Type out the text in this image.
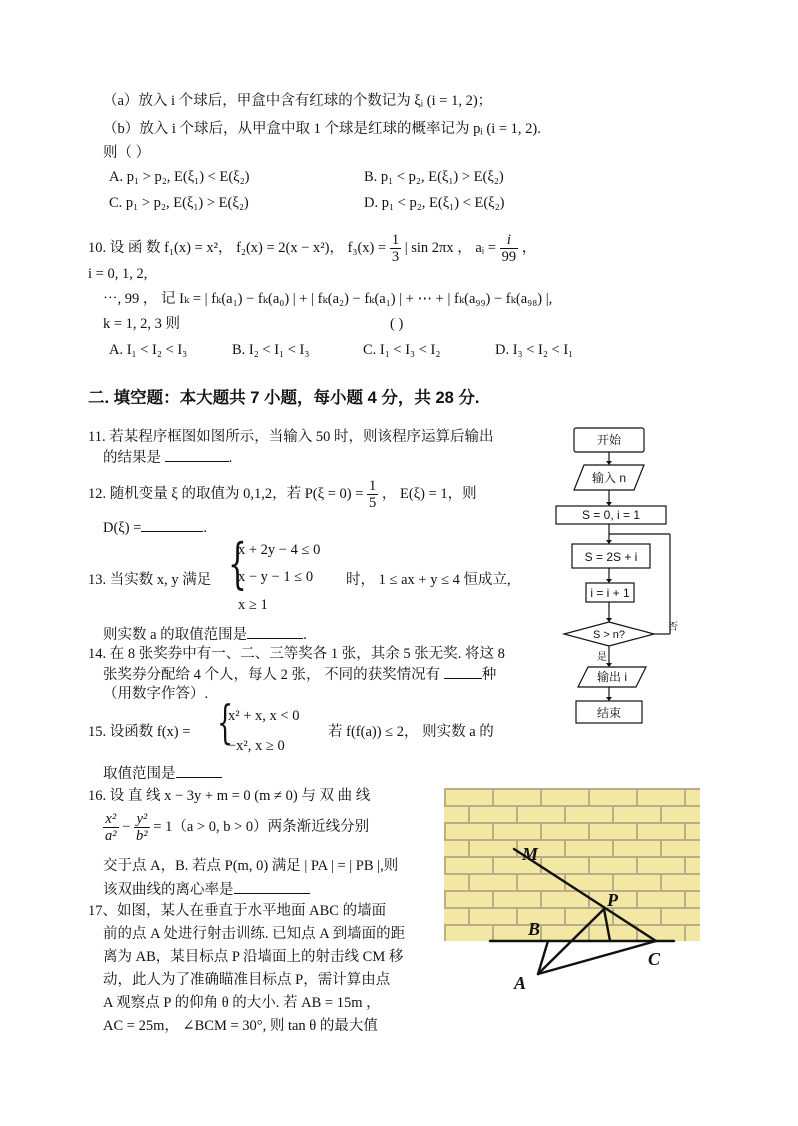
（a）放入 i 个球后，甲盒中含有红球的个数记为 ξᵢ (i = 1, 2)；
（b）放入 i 个球后，从甲盒中取 1 个球是红球的概率记为 pᵢ (i = 1, 2).
则（ ）
A. p₁ > p₂, E(ξ₁) < E(ξ₂)	B. p₁ < p₂, E(ξ₁) > E(ξ₂)
C. p₁ > p₂, E(ξ₁) > E(ξ₂)	D. p₁ < p₂, E(ξ₁) < E(ξ₂)
10. 设 函 数 f₁(x) = x²， f₂(x) = 2(x − x²)， $f_3(x) = \frac{1}{3}$ | sin 2πx ， aᵢ = $\frac{i}{99}$ ，
i = 0, 1, 2,
⋯, 99 ， 记 Iₖ = | fₖ(a₁) − fₖ(a₀) | + | fₖ(a₂) − fₖ(a₁) | + ⋯ + | fₖ(a₉₉) − fₖ(a₉₈) |,
k = 1, 2, 3 则	( )
A. I₁ < I₂ < I₃	B. I₂ < I₁ < I₃	C. I₁ < I₃ < I₂	D. I₃ < I₂ < I₁
二. 填空题：本大题共 7 小题，每小题 4 分，共 28 分.
11. 若某程序框图如图所示，当输入 50 时，则该程序运算后输出
的结果是	.
12. 随机变量 ξ 的取值为 0,1,2，若 $P(\xi = 0) = \frac{1}{5}$ ， E(ξ) = 1，则
D(ξ) =	.
13. 当实数 x, y 满足 {
x + 2y − 4 ≤ 0
x − y − 1 ≤ 0
x ≥ 1
时， 1 ≤ ax + y ≤ 4 恒成立,
则实数 a 的取值范围是	.
14. 在 8 张奖券中有一、二、三等奖各 1 张，其余 5 张无奖. 将这 8
张奖券分配给 4 个人，每人 2 张， 不同的获奖情况有	种
（用数字作答）.
15. 设函数 f(x) = {
x² + x, x < 0
−x², x ≥ 0
若 f(f(a)) ≤ 2， 则实数 a 的
取值范围是
16. 设 直 线 x − 3y + m = 0 (m ≠ 0) 与 双 曲 线
$\frac{\text{x²}}{\text{a²}} - \frac{\text{y²}}{\text{b²}} = 1(a > 0$, b > 0）两条渐近线分别
交于点 A，B. 若点 P(m, 0) 满足 | PA | = | PB |,则
该双曲线的离心率是
17、如图，某人在垂直于水平地面 ABC 的墙面
前的点 A 处进行射击训练. 已知点 A 到墙面的距
离为 AB，某目标点 P 沿墙面上的射击线 CM 移
动，此人为了准确瞄准目标点 P，需计算由点
A 观察点 P 的仰角 θ 的大小. 若 AB = 15m ，
AC = 25m， ∠BCM = 30°, 则 tan θ 的最大值
开始
输入 n
S = 0, i = 1
S = 2S + i
i = i + 1
S > n?
否
是
输出 i
结束
M
P
B
C
A
